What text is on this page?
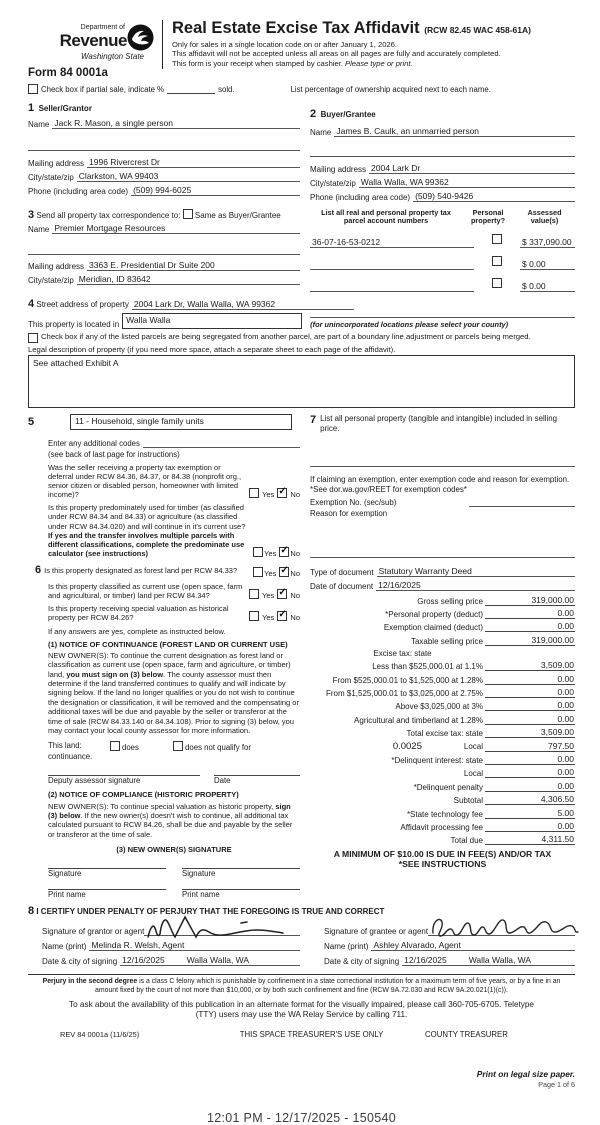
Department of
Revenue
Washington State
Form 84 0001a
Real Estate Excise Tax Affidavit (RCW 82.45 WAC 458-61A)
Only for sales in a single location code on or after January 1, 2026.
This affidavit will not be accepted unless all areas on all pages are fully and accurately completed.
This form is your receipt when stamped by cashier. Please type or print.
Check box if partial sale, indicate %	sold.	List percentage of ownership acquired next to each name.
1 Seller/Grantor
Name Jack R. Mason, a single person
Mailing address 1996 Rivercrest Dr
City/state/zip Clarkston, WA 99403
Phone (including area code) (509) 994-6025
2 Buyer/Grantee
Name James B. Caulk, an unmarried person
Mailing address 2004 Lark Dr
City/state/zip Walla Walla, WA 99362
Phone (including area code) (509) 540-9426
3 Send all property tax correspondence to: Same as Buyer/Grantee
Name Premier Mortgage Resources
Mailing address 3363 E. Presidential Dr Suite 200
City/state/zip Meridian, ID 83642
List all real and personal property tax parcel account numbers
Personal property?
Assessed value(s)
36-07-16-53-0212	$ 337,090.00
$ 0.00
$ 0.00
4 Street address of property 2004 Lark Dr, Walla Walla, WA 99362
This property is located in Walla Walla	(for unincorporated locations please select your county)
Check box if any of the listed parcels are being segregated from another parcel, are part of a boundary line adjustment or parcels being merged.
Legal description of property (if you need more space, attach a separate sheet to each page of the affidavit).
See attached Exhibit A
5	11 - Household, single family units
Enter any additional codes
(see back of last page for instructions)
Was the seller receiving a property tax exemption or deferral under RCW 84.36, 84.37, or 84.38 (nonprofit org., senior citizen or disabled person, homeowner with limited income)?	Yes ✓ No
Is this property predominately used for timber (as classified under RCW 84.34 and 84.33) or agriculture (as classified under RCW 84.34.020) and will continue in it's current use? If yes and the transfer involves multiple parcels with different classifications, complete the predominate use calculator (see instructions)	Yes ✓ No
6 Is this property designated as forest land per RCW 84.33?	Yes ✓ No
Is this property classified as current use (open space, farm and agricultural, or timber) land per RCW 84.34?	Yes ✓ No
Is this property receiving special valuation as historical property per RCW 84.26?	Yes ✓ No
If any answers are yes, complete as instructed below.
(1) NOTICE OF CONTINUANCE (FOREST LAND OR CURRENT USE)
NEW OWNER(S): To continue the current designation as forest land or classification as current use (open space, farm and agriculture, or timber) land, you must sign on (3) below. The county assessor must then determine if the land transferred continues to qualify and will indicate by signing below. If the land no longer qualifies or you do not wish to continue the designation or classification, it will be removed and the compensating or additional taxes will be due and payable by the seller or transferor at the time of sale (RCW 84.33.140 or 84.34.108). Prior to signing (3) below, you may contact your local county assessor for more information.
This land:	does	does not qualify for
continuance.
Deputy assessor signature	Date
(2) NOTICE OF COMPLIANCE (HISTORIC PROPERTY)
NEW OWNER(S): To continue special valuation as historic property, sign (3) below. If the new owner(s) doesn't wish to continue, all additional tax calculated pursuant to RCW 84.26, shall be due and payable by the seller or transferor at the time of sale.
(3) NEW OWNER(S) SIGNATURE
Signature	Signature
Print name	Print name
7 List all personal property (tangible and intangible) included in selling price.
If claiming an exemption, enter exemption code and reason for exemption. *See dor.wa.gov/REET for exemption codes*
Exemption No. (sec/sub)
Reason for exemption
Type of document Statutory Warranty Deed
Date of document 12/16/2025
Gross selling price	319,000.00
*Personal property (deduct)	0.00
Exemption claimed (deduct)	0.00
Taxable selling price	319,000.00
Excise tax: state
Less than $525,000.01 at 1.1%	3,509.00
From $525,000.01 to $1,525,000 at 1.28%	0.00
From $1,525,000.01 to $3,025,000 at 2.75%	0.00
Above $3,025,000 at 3%	0.00
Agricultural and timberland at 1.28%	0.00
Total excise tax: state	3,509.00
0.0025	Local	797.50
*Delinquent interest: state	0.00
Local	0.00
*Delinquent penalty	0.00
Subtotal	4,306.50
*State technology fee	5.00
Affidavit processing fee	0.00
Total due	4,311.50
A MINIMUM OF $10.00 IS DUE IN FEE(S) AND/OR TAX
*SEE INSTRUCTIONS
8 I CERTIFY UNDER PENALTY OF PERJURY THAT THE FOREGOING IS TRUE AND CORRECT
Signature of grantor or agent
Name (print) Melinda R. Welsh, Agent
Date & city of signing 12/16/2025	Walla Walla, WA
Signature of grantee or agent
Name (print) Ashley Alvarado, Agent
Date & city of signing 12/16/2025	Walla Walla, WA
Perjury in the second degree is a class C felony which is punishable by confinement in a state correctional institution for a maximum term of five years, or by a fine in an amount fixed by the court of not more than $10,000, or by both such confinement and fine (RCW 9A.72.030 and RCW 9A.20.021(1)(c)).
To ask about the availability of this publication in an alternate format for the visually impaired, please call 360-705-6705. Teletype (TTY) users may use the WA Relay Service by calling 711.
REV 84 0001a (11/6/25)	THIS SPACE TREASURER'S USE ONLY	COUNTY TREASURER
Print on legal size paper.
Page 1 of 6
12:01 PM - 12/17/2025 - 150540
